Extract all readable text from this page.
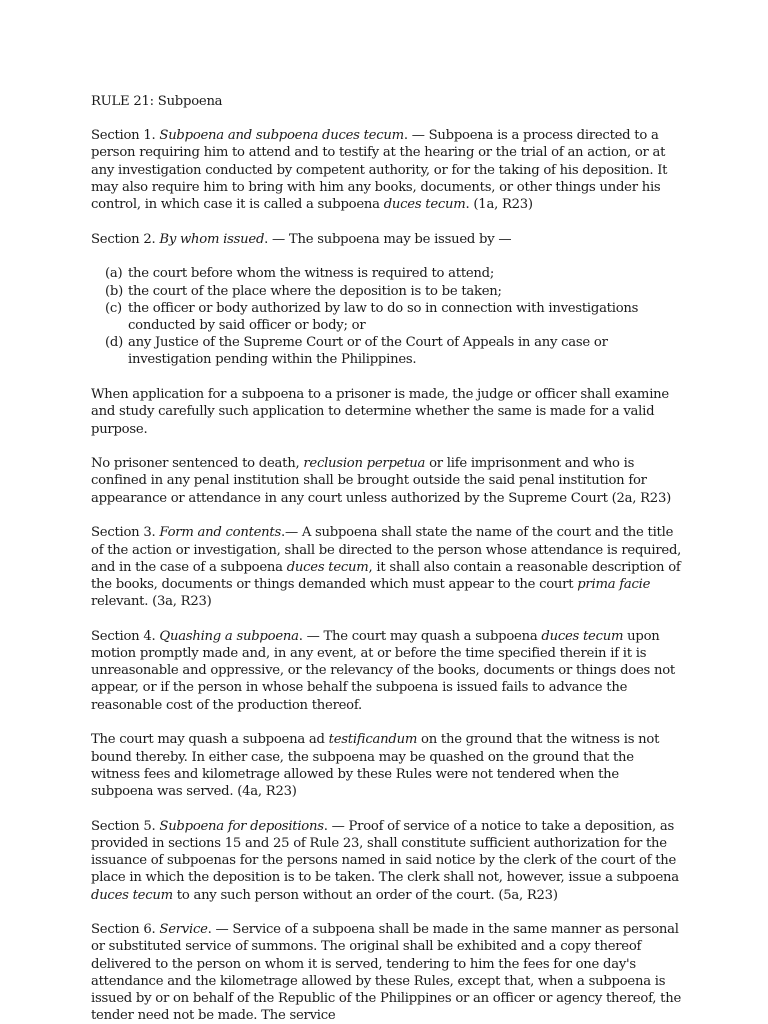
RULE 21: Subpoena

Section 1. Subpoena and subpoena duces tecum. — Subpoena is a process directed to a person requiring him to attend and to testify at the hearing or the trial of an action, or at any investigation conducted by competent authority, or for the taking of his deposition. It may also require him to bring with him any books, documents, or other things under his control, in which case it is called a subpoena duces tecum. (1a, R23)

Section 2. By whom issued. — The subpoena may be issued by —

(a) the court before whom the witness is required to attend;
(b) the court of the place where the deposition is to be taken;
(c) the officer or body authorized by law to do so in connection with investigations conducted by said officer or body; or
(d) any Justice of the Supreme Court or of the Court of Appeals in any case or investigation pending within the Philippines.

When application for a subpoena to a prisoner is made, the judge or officer shall examine and study carefully such application to determine whether the same is made for a valid purpose.

No prisoner sentenced to death, reclusion perpetua or life imprisonment and who is confined in any penal institution shall be brought outside the said penal institution for appearance or attendance in any court unless authorized by the Supreme Court (2a, R23)

Section 3. Form and contents.— A subpoena shall state the name of the court and the title of the action or investigation, shall be directed to the person whose attendance is required, and in the case of a subpoena duces tecum, it shall also contain a reasonable description of the books, documents or things demanded which must appear to the court prima facie relevant. (3a, R23)

Section 4. Quashing a subpoena. — The court may quash a subpoena duces tecum upon motion promptly made and, in any event, at or before the time specified therein if it is unreasonable and oppressive, or the relevancy of the books, documents or things does not appear, or if the person in whose behalf the subpoena is issued fails to advance the reasonable cost of the production thereof.

The court may quash a subpoena ad testificandum on the ground that the witness is not bound thereby. In either case, the subpoena may be quashed on the ground that the witness fees and kilometrage allowed by these Rules were not tendered when the subpoena was served. (4a, R23)

Section 5. Subpoena for depositions. — Proof of service of a notice to take a deposition, as provided in sections 15 and 25 of Rule 23, shall constitute sufficient authorization for the issuance of subpoenas for the persons named in said notice by the clerk of the court of the place in which the deposition is to be taken. The clerk shall not, however, issue a subpoena duces tecum to any such person without an order of the court. (5a, R23)

Section 6. Service. — Service of a subpoena shall be made in the same manner as personal or substituted service of summons. The original shall be exhibited and a copy thereof delivered to the person on whom it is served, tendering to him the fees for one day's attendance and the kilometrage allowed by these Rules, except that, when a subpoena is issued by or on behalf of the Republic of the Philippines or an officer or agency thereof, the tender need not be made. The service
